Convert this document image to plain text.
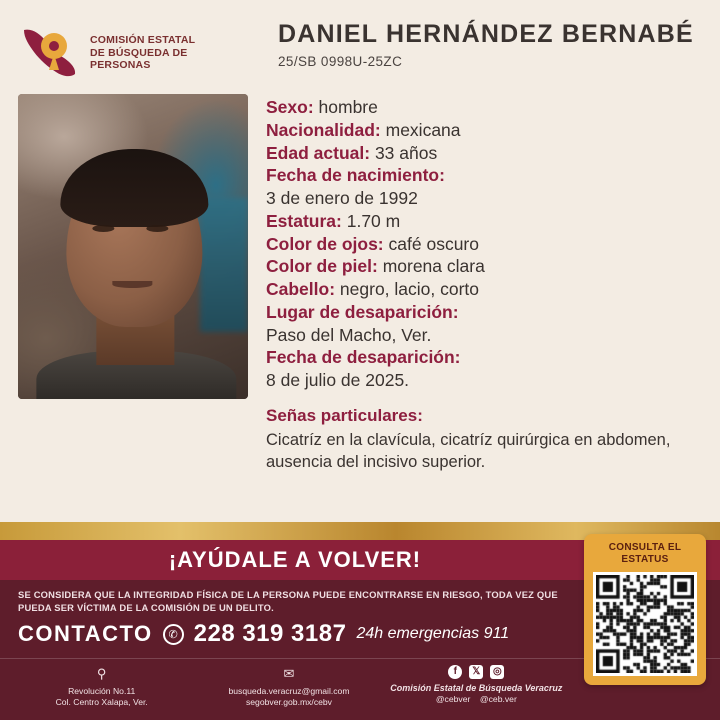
COMISIÓN ESTATAL
DE BÚSQUEDA DE
PERSONAS
DANIEL HERNÁNDEZ BERNABÉ
25/SB 0998U-25ZC
Sexo: hombre
Nacionalidad: mexicana
Edad actual: 33 años
Fecha de nacimiento:
3 de enero de 1992
Estatura: 1.70 m
Color de ojos: café oscuro
Color de piel: morena clara
Cabello: negro, lacio, corto
Lugar de desaparición:
Paso del Macho, Ver.
Fecha de desaparición:
8 de julio de 2025.
Señas particulares:
Cicatríz en la clavícula, cicatríz quirúrgica en abdomen, ausencia del incisivo superior.
¡AYÚDALE A VOLVER!
SE CONSIDERA QUE LA INTEGRIDAD FÍSICA DE LA PERSONA PUEDE ENCONTRARSE EN RIESGO, TODA VEZ QUE PUEDA SER VÍCTIMA DE LA COMISIÓN DE UN DELITO.
CONTACTO	✆ 228 319 3187 24h emergencias 911
⚲
Revolución No.11
Col. Centro Xalapa, Ver.
✉
busqueda.veracruz@gmail.com
segobver.gob.mx/cebv
f	𝕏 ◎
Comisión Estatal de Búsqueda Veracruz
@cebver @ceb.ver
CONSULTA EL
ESTATUS
